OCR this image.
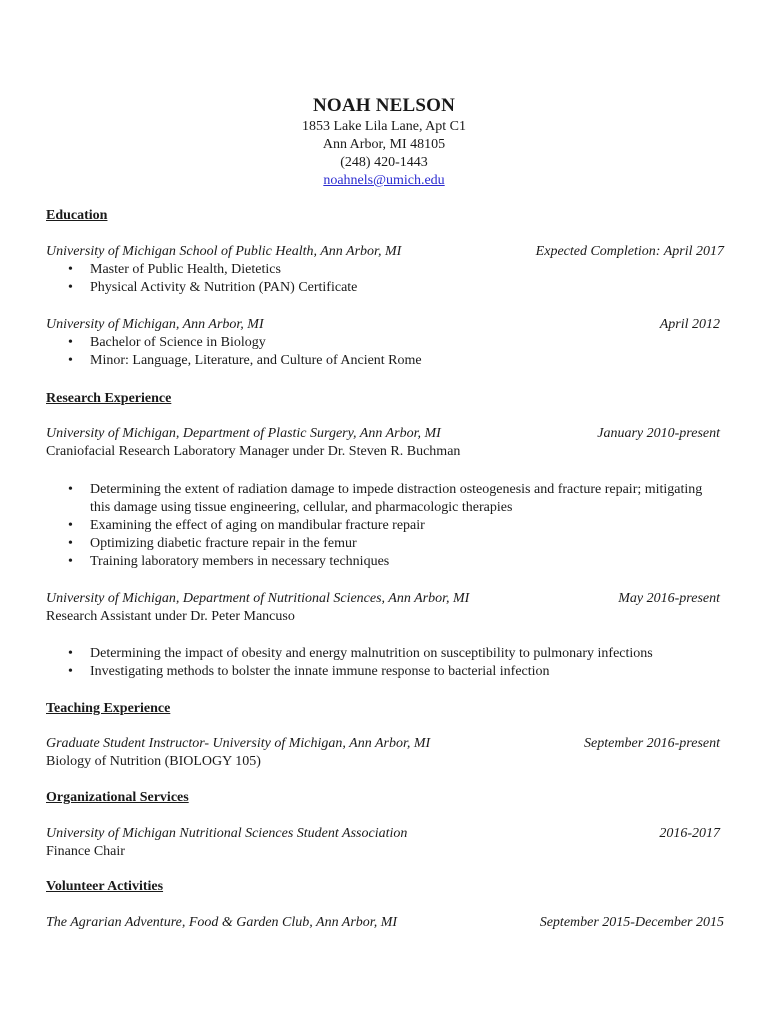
NOAH NELSON
1853 Lake Lila Lane, Apt C1
Ann Arbor, MI 48105
(248) 420-1443
noahnels@umich.edu
Education
University of Michigan School of Public Health, Ann Arbor, MI	Expected Completion: April 2017
• Master of Public Health, Dietetics
• Physical Activity & Nutrition (PAN) Certificate
University of Michigan, Ann Arbor, MI	April 2012
• Bachelor of Science in Biology
• Minor: Language, Literature, and Culture of Ancient Rome
Research Experience
University of Michigan, Department of Plastic Surgery, Ann Arbor, MI	January 2010-present
Craniofacial Research Laboratory Manager under Dr. Steven R. Buchman
• Determining the extent of radiation damage to impede distraction osteogenesis and fracture repair; mitigating this damage using tissue engineering, cellular, and pharmacologic therapies
• Examining the effect of aging on mandibular fracture repair
• Optimizing diabetic fracture repair in the femur
• Training laboratory members in necessary techniques
University of Michigan, Department of Nutritional Sciences, Ann Arbor, MI	May 2016-present
Research Assistant under Dr. Peter Mancuso
• Determining the impact of obesity and energy malnutrition on susceptibility to pulmonary infections
• Investigating methods to bolster the innate immune response to bacterial infection
Teaching Experience
Graduate Student Instructor- University of Michigan, Ann Arbor, MI	September 2016-present
Biology of Nutrition (BIOLOGY 105)
Organizational Services
University of Michigan Nutritional Sciences Student Association	2016-2017
Finance Chair
Volunteer Activities
The Agrarian Adventure, Food & Garden Club, Ann Arbor, MI	September 2015-December 2015
